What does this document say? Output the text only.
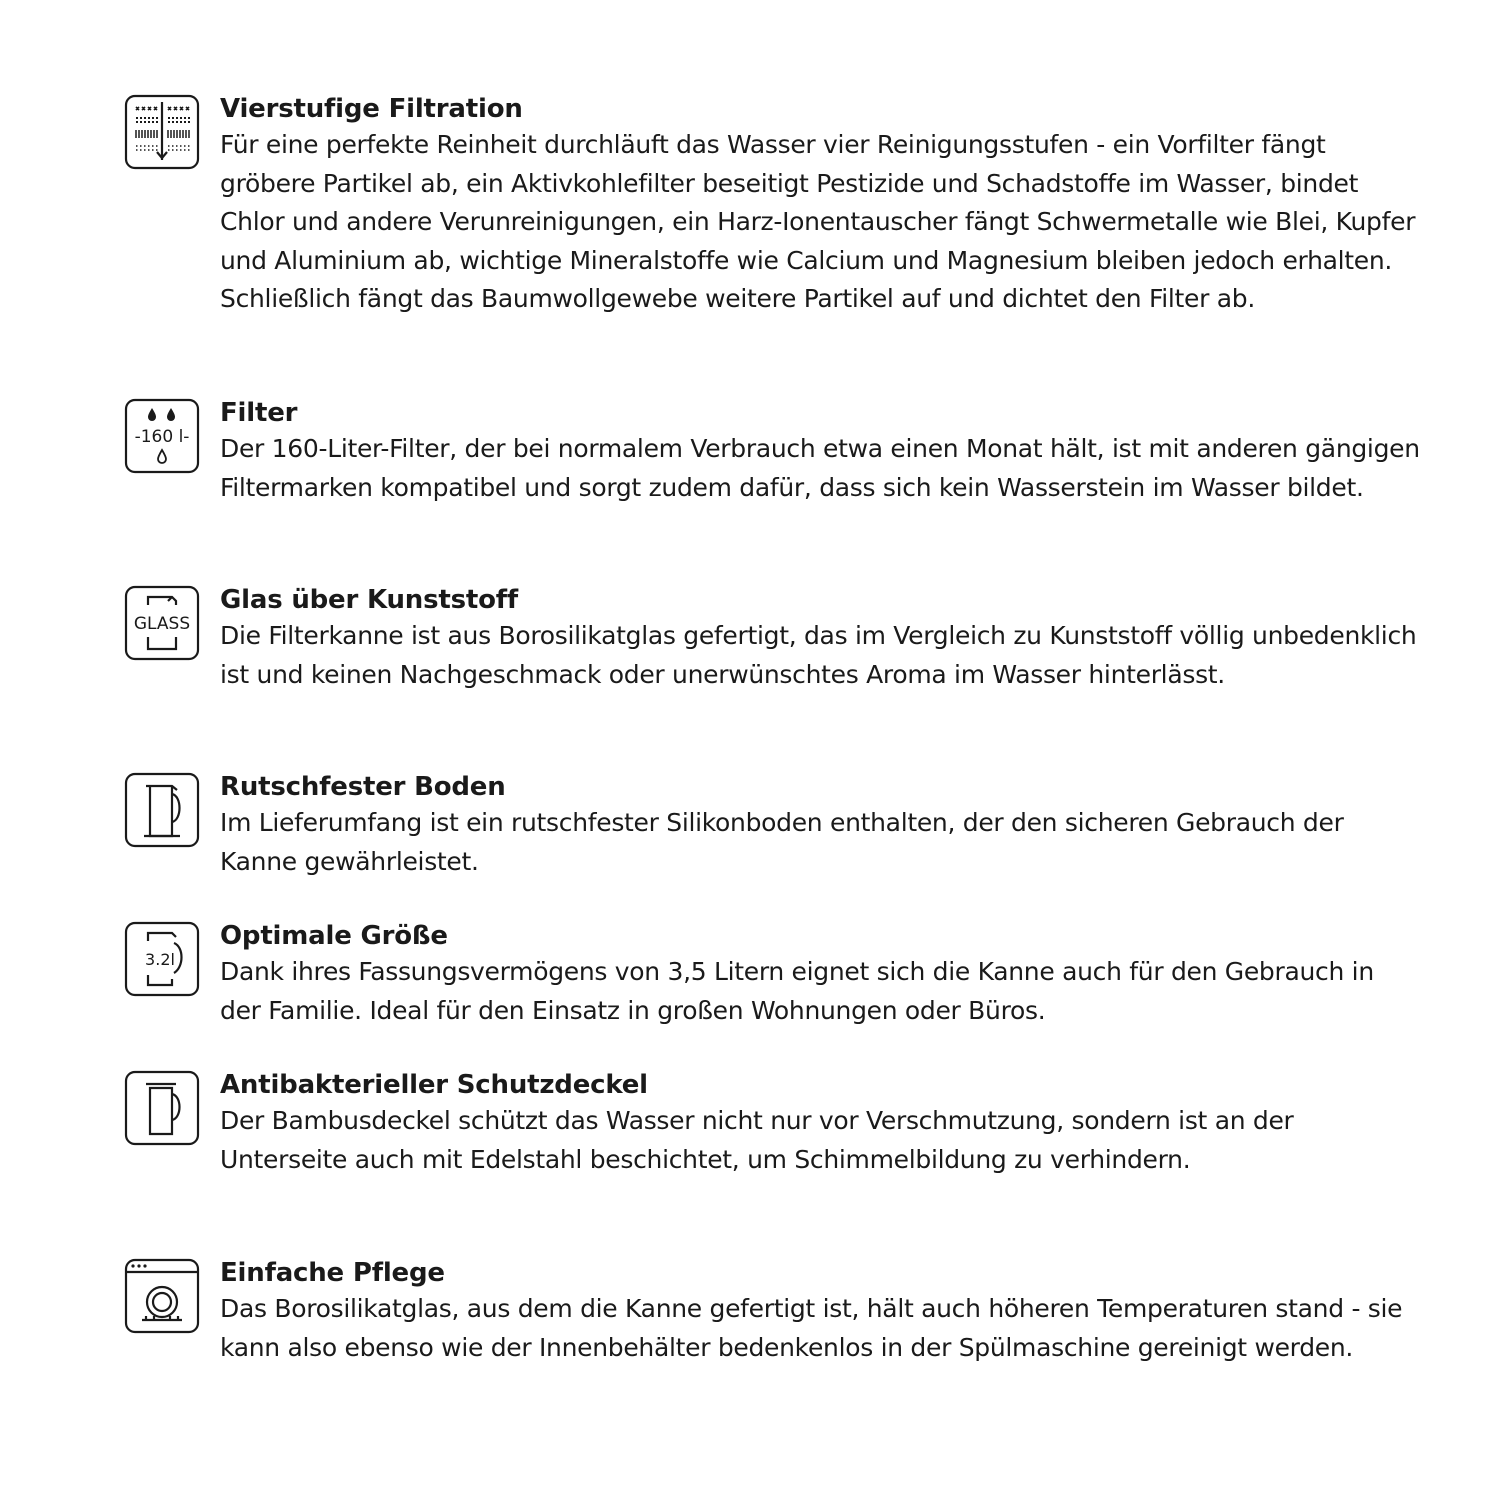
Vierstufige Filtration

Für eine perfekte Reinheit durchläuft das Wasser vier Reinigungsstufen - ein Vorfilter fängt gröbere Partikel ab, ein Aktivkohlefilter beseitigt Pestizide und Schadstoffe im Wasser, bindet Chlor und andere Verunreinigungen, ein Harz-Ionentauscher fängt Schwermetalle wie Blei, Kupfer und Aluminium ab, wichtige Mineralstoffe wie Calcium und Magnesium bleiben jedoch erhalten. Schließlich fängt das Baumwollgewebe weitere Partikel auf und dichtet den Filter ab.

-160 l-
Filter

Der 160-Liter-Filter, der bei normalem Verbrauch etwa einen Monat hält, ist mit anderen gängigen Filtermarken kompatibel und sorgt zudem dafür, dass sich kein Wasserstein im Wasser bildet.

GLASS
Glas über Kunststoff

Die Filterkanne ist aus Borosilikatglas gefertigt, das im Vergleich zu Kunststoff völlig unbedenklich ist und keinen Nachgeschmack oder unerwünschtes Aroma im Wasser hinterlässt.

Rutschfester Boden

Im Lieferumfang ist ein rutschfester Silikonboden enthalten, der den sicheren Gebrauch der Kanne gewährleistet.

3.2l
Optimale Größe

Dank ihres Fassungsvermögens von 3,5 Litern eignet sich die Kanne auch für den Gebrauch in der Familie. Ideal für den Einsatz in großen Wohnungen oder Büros.

Antibakterieller Schutzdeckel

Der Bambusdeckel schützt das Wasser nicht nur vor Verschmutzung, sondern ist an der Unterseite auch mit Edelstahl beschichtet, um Schimmelbildung zu verhindern.

Einfache Pflege

Das Borosilikatglas, aus dem die Kanne gefertigt ist, hält auch höheren Temperaturen stand - sie kann also ebenso wie der Innenbehälter bedenkenlos in der Spülmaschine gereinigt werden.
